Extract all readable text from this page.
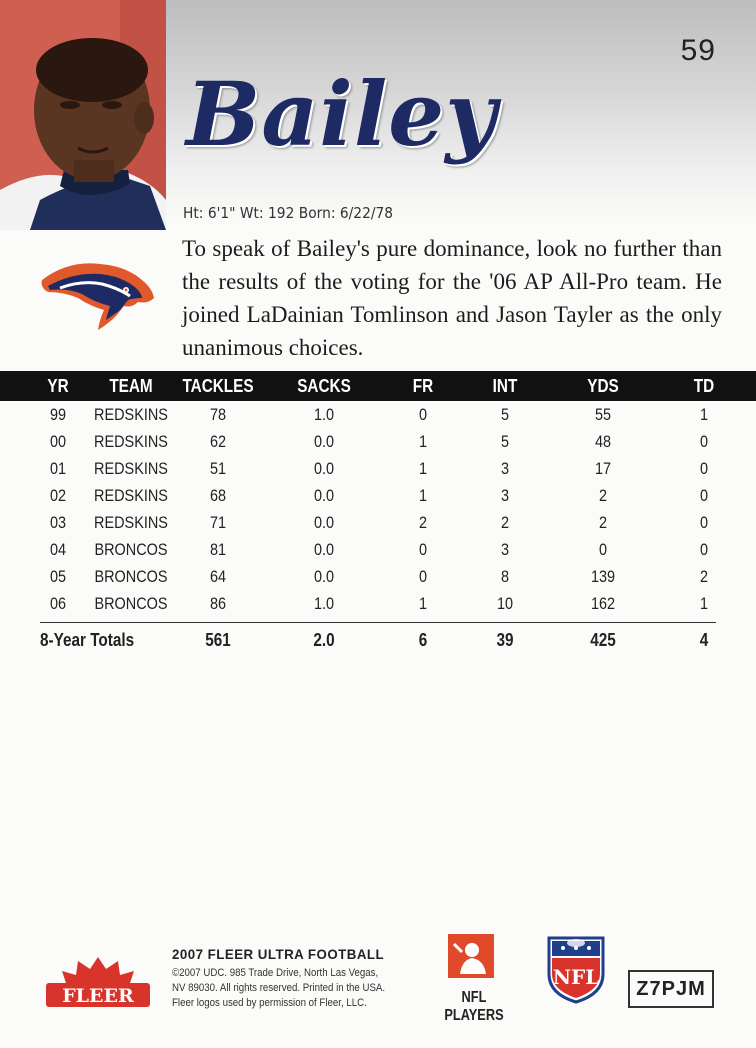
59
Bailey
Ht: 6'1" Wt: 192 Born: 6/22/78
To speak of Bailey's pure dominance, look no further than the results of the voting for the '06 AP All-Pro team. He joined LaDainian Tomlinson and Jason Tayler as the only unanimous choices.
YR	TEAM	TACKLES	SACKS	FR	INT	YDS	TD
99	REDSKINS	78	1.0	0	5	55	1
00	REDSKINS	62	0.0	1	5	48	0
01	REDSKINS	51	0.0	1	3	17	0
02	REDSKINS	68	0.0	1	3	2	0
03	REDSKINS	71	0.0	2	2	2	0
04	BRONCOS	81	0.0	0	3	0	0
05	BRONCOS	64	0.0	0	8	139	2
06	BRONCOS	86	1.0	1	10	162	1
8-Year Totals	561	2.0	6	39	425	4
FLEER
2007 FLEER ULTRA FOOTBALL
©2007 UDC. 985 Trade Drive, North Las Vegas, NV 89030. All rights reserved. Printed in the USA. Fleer logos used by permission of Fleer, LLC.	NFL PLAYERS
NFL	Z7PJM
